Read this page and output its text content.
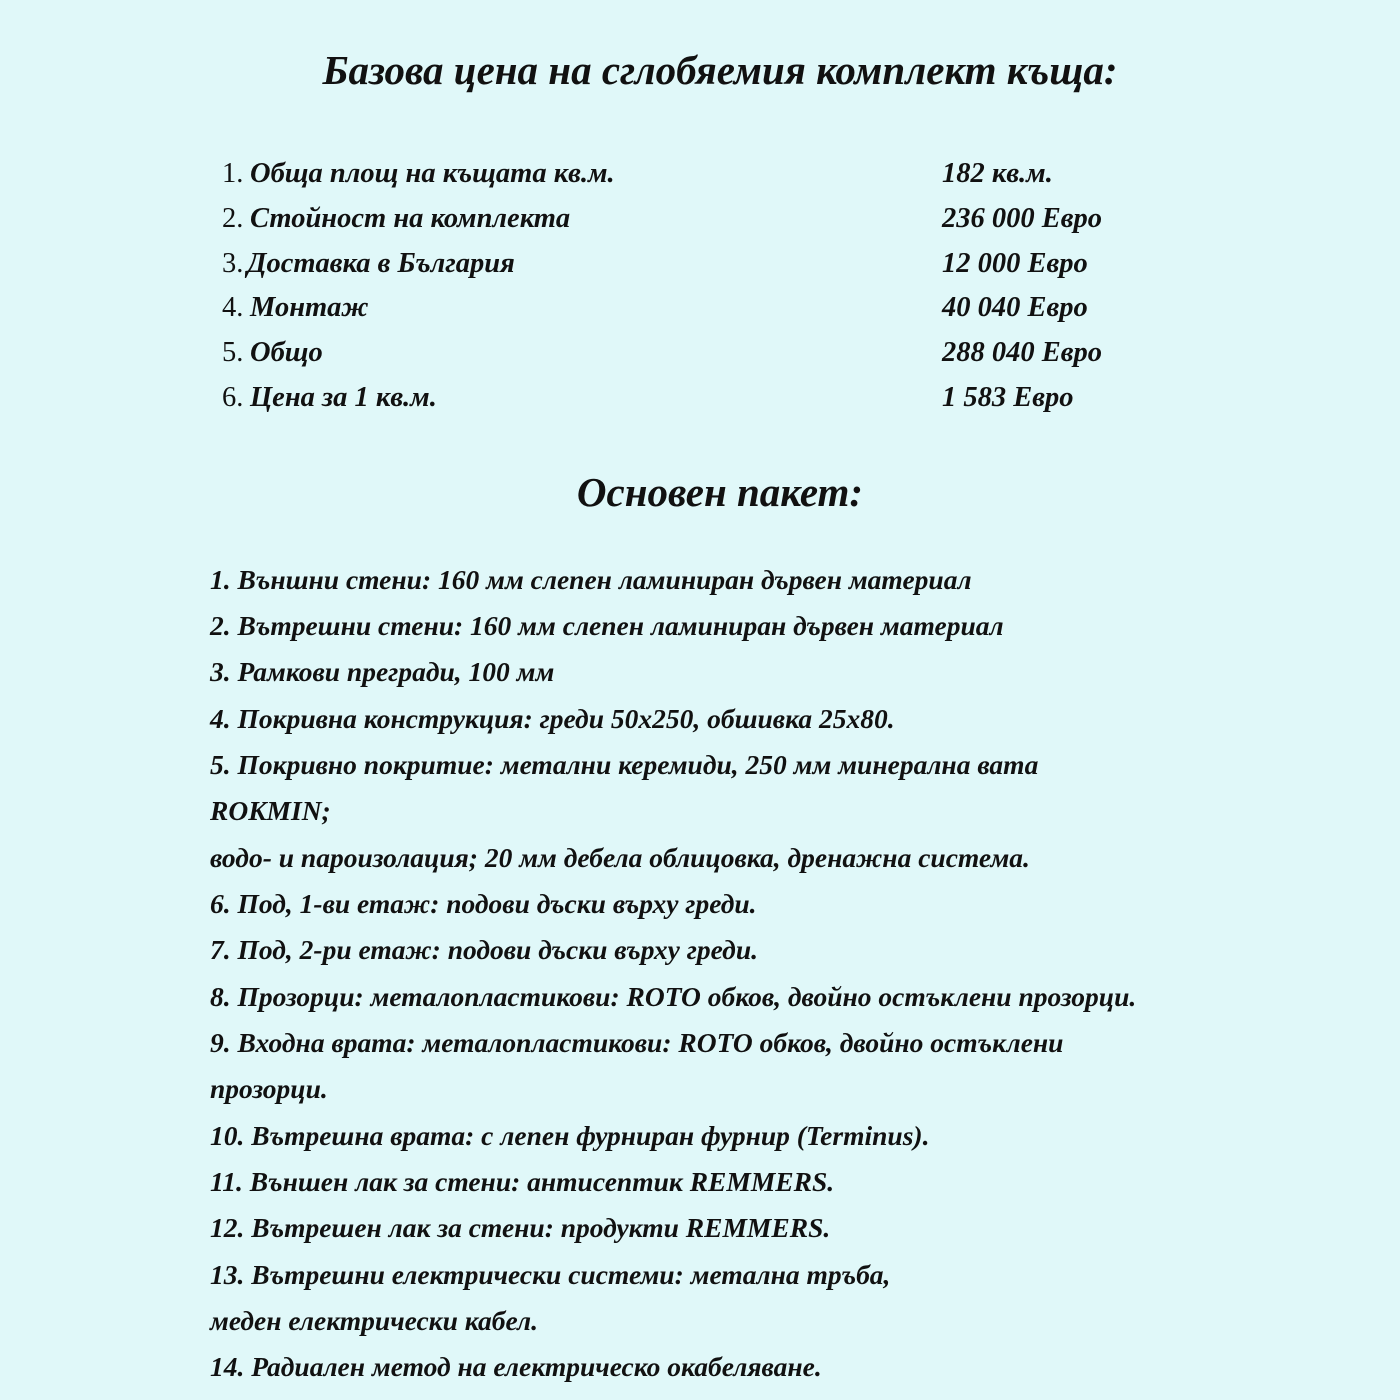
Базова цена на сглобяемия комплект къща:
1. Обща площ на къщата кв.м.	182 кв.м.
2. Стойност на комплекта	236 000 Евро
3. Доставка в България	12 000 Евро
4. Монтаж	40 040 Евро
5. Общо	288 040 Евро
6. Цена за 1 кв.м.	1 583 Евро
Основен пакет:
1. Външни стени: 160 мм слепен ламиниран дървен материал
2. Вътрешни стени: 160 мм слепен ламиниран дървен материал
3. Рамкови прегради, 100 мм
4. Покривна конструкция: греди 50x250, обшивка 25x80.
5. Покривно покритие: метални керемиди, 250 мм минерална вата
ROKMIN;
водо- и пароизолация; 20 мм дебела облицовка, дренажна система.
6. Под, 1-ви етаж: подови дъски върху греди.
7. Под, 2-ри етаж: подови дъски върху греди.
8. Прозорци: металопластикови: ROTO обков, двойно остъклени прозорци.
9. Входна врата: металопластикови: ROTO обков, двойно остъклени
прозорци.
10. Вътрешна врата: с лепен фурниран фурнир (Terminus).
11. Външен лак за стени: антисептик REMMERS.
12. Вътрешен лак за стени: продукти REMMERS.
13. Вътрешни електрически системи: метална тръба,
меден електрически кабел.
14. Радиален метод на електрическо окабеляване.
